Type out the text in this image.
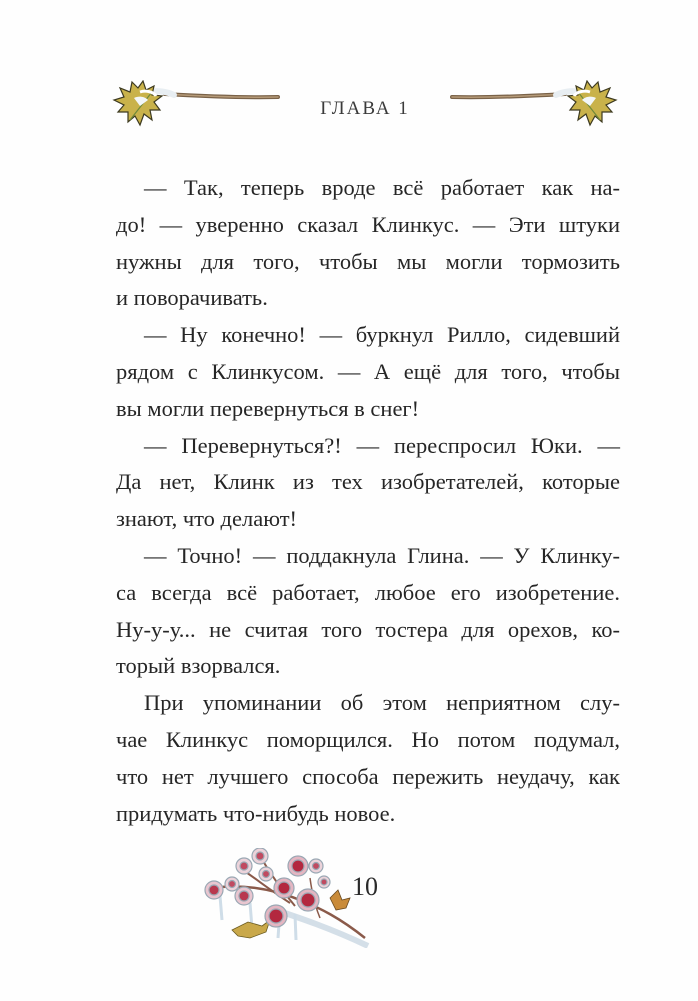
ГЛАВА 1
— Так, теперь вроде всё работает как на-
до! — уверенно сказал Клинкус. — Эти штуки
нужны для того, чтобы мы могли тормозить
и поворачивать.
— Ну конечно! — буркнул Рилло, сидевший
рядом с Клинкусом. — А ещё для того, чтобы
вы могли перевернуться в снег!
— Перевернуться?! — переспросил Юки. —
Да нет, Клинк из тех изобретателей, которые
знают, что делают!
— Точно! — поддакнула Глина. — У Клинку-
са всегда всё работает, любое его изобретение.
Ну-у-у... не считая того тостера для орехов, ко-
торый взорвался.
При упоминании об этом неприятном слу-
чае Клинкус поморщился. Но потом подумал,
что нет лучшего способа пережить неудачу, как
придумать что-нибудь новое.
10
